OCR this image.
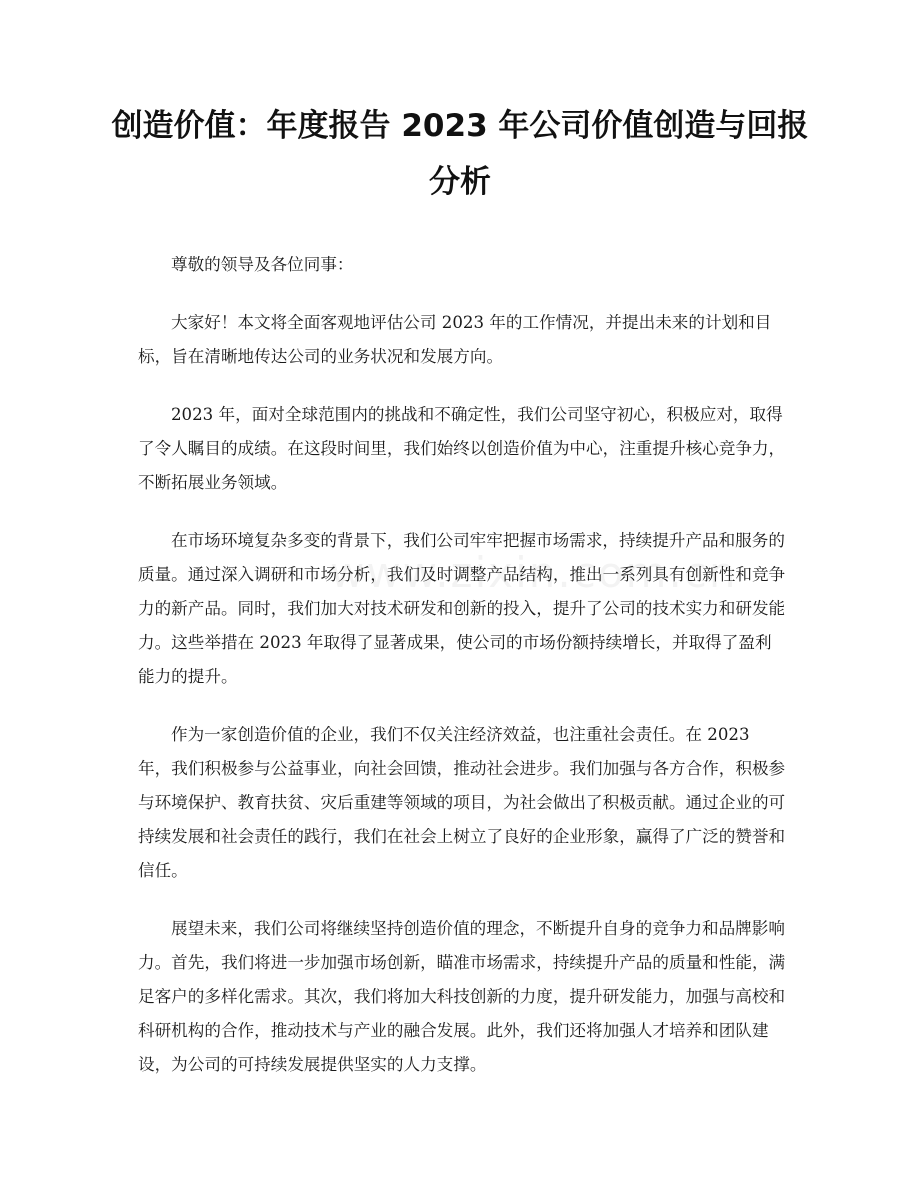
创造价值：年度报告 2023 年公司价值创造与回报分析

尊敬的领导及各位同事：

大家好！本文将全面客观地评估公司 2023 年的工作情况，并提出未来的计划和目标，旨在清晰地传达公司的业务状况和发展方向。

2023 年，面对全球范围内的挑战和不确定性，我们公司坚守初心，积极应对，取得了令人瞩目的成绩。在这段时间里，我们始终以创造价值为中心，注重提升核心竞争力，不断拓展业务领域。

在市场环境复杂多变的背景下，我们公司牢牢把握市场需求，持续提升产品和服务的质量。通过深入调研和市场分析，我们及时调整产品结构，推出一系列具有创新性和竞争力的新产品。同时，我们加大对技术研发和创新的投入，提升了公司的技术实力和研发能力。这些举措在 2023 年取得了显著成果，使公司的市场份额持续增长，并取得了盈利能力的提升。

作为一家创造价值的企业，我们不仅关注经济效益，也注重社会责任。在 2023 年，我们积极参与公益事业，向社会回馈，推动社会进步。我们加强与各方合作，积极参与环境保护、教育扶贫、灾后重建等领域的项目，为社会做出了积极贡献。通过企业的可持续发展和社会责任的践行，我们在社会上树立了良好的企业形象，赢得了广泛的赞誉和信任。

展望未来，我们公司将继续坚持创造价值的理念，不断提升自身的竞争力和品牌影响力。首先，我们将进一步加强市场创新，瞄准市场需求，持续提升产品的质量和性能，满足客户的多样化需求。其次，我们将加大科技创新的力度，提升研发能力，加强与高校和科研机构的合作，推动技术与产业的融合发展。此外，我们还将加强人才培养和团队建设，为公司的可持续发展提供坚实的人力支撑。
